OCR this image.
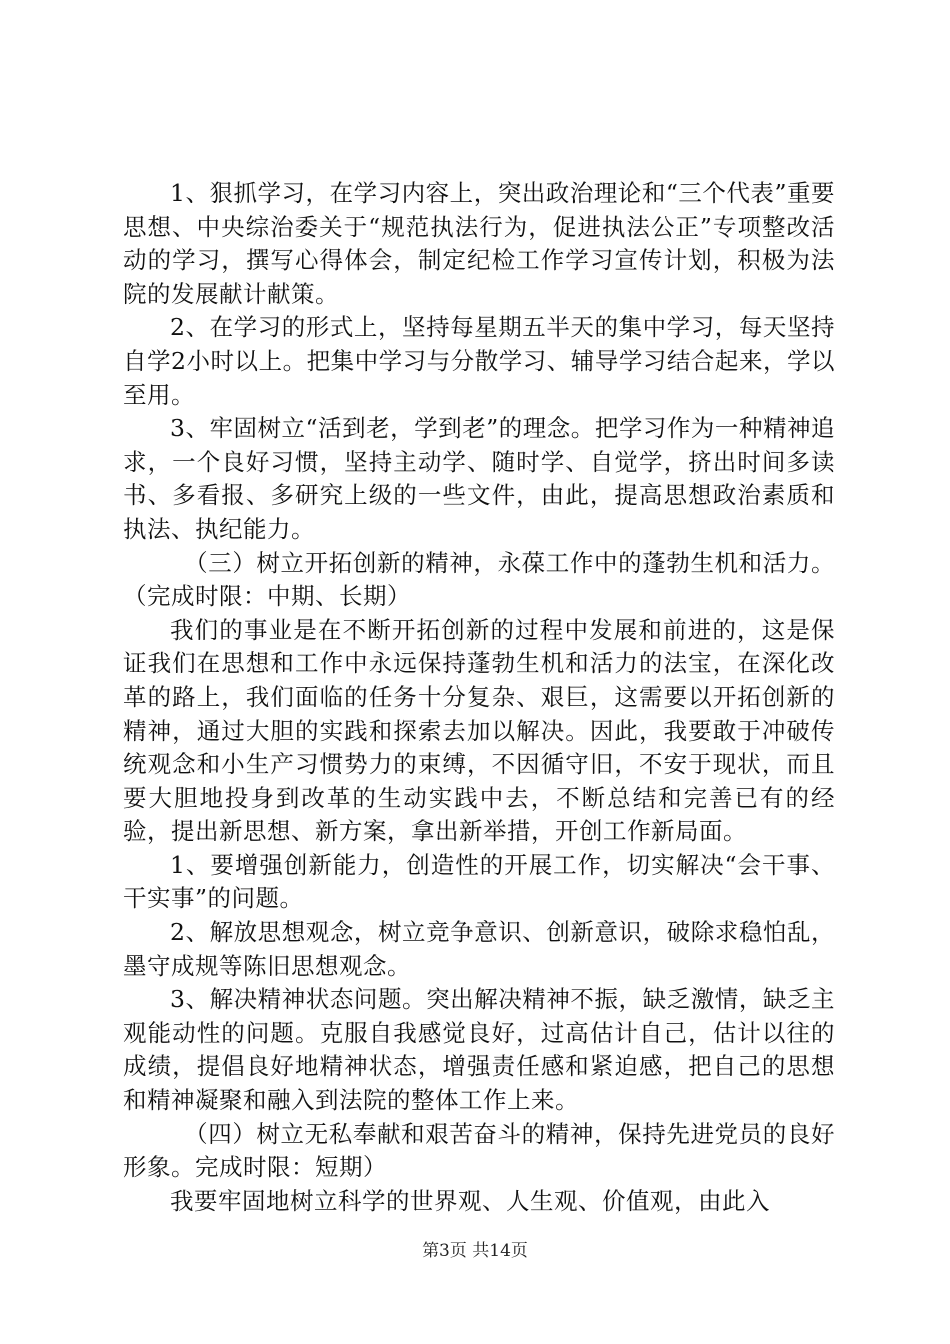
1、狠抓学习，在学习内容上，突出政治理论和“三个代表”重要思想、中央综治委关于“规范执法行为，促进执法公正”专项整改活动的学习，撰写心得体会，制定纪检工作学习宣传计划，积极为法院的发展献计献策。

2、在学习的形式上，坚持每星期五半天的集中学习，每天坚持自学2小时以上。把集中学习与分散学习、辅导学习结合起来，学以至用。

3、牢固树立“活到老，学到老”的理念。把学习作为一种精神追求，一个良好习惯，坚持主动学、随时学、自觉学，挤出时间多读书、多看报、多研究上级的一些文件，由此，提高思想政治素质和执法、执纪能力。

（三）树立开拓创新的精神，永葆工作中的蓬勃生机和活力。（完成时限：中期、长期）

我们的事业是在不断开拓创新的过程中发展和前进的，这是保证我们在思想和工作中永远保持蓬勃生机和活力的法宝，在深化改革的路上，我们面临的任务十分复杂、艰巨，这需要以开拓创新的精神，通过大胆的实践和探索去加以解决。因此，我要敢于冲破传统观念和小生产习惯势力的束缚，不因循守旧，不安于现状，而且要大胆地投身到改革的生动实践中去，不断总结和完善已有的经验，提出新思想、新方案，拿出新举措，开创工作新局面。

1、要增强创新能力，创造性的开展工作，切实解决“会干事、干实事”的问题。

2、解放思想观念，树立竞争意识、创新意识，破除求稳怕乱，墨守成规等陈旧思想观念。

3、解决精神状态问题。突出解决精神不振，缺乏激情，缺乏主观能动性的问题。克服自我感觉良好，过高估计自己，估计以往的成绩，提倡良好地精神状态，增强责任感和紧迫感，把自己的思想和精神凝聚和融入到法院的整体工作上来。

（四）树立无私奉献和艰苦奋斗的精神，保持先进党员的良好形象。完成时限：短期）

我要牢固地树立科学的世界观、人生观、价值观，由此入

第3页 共14页
